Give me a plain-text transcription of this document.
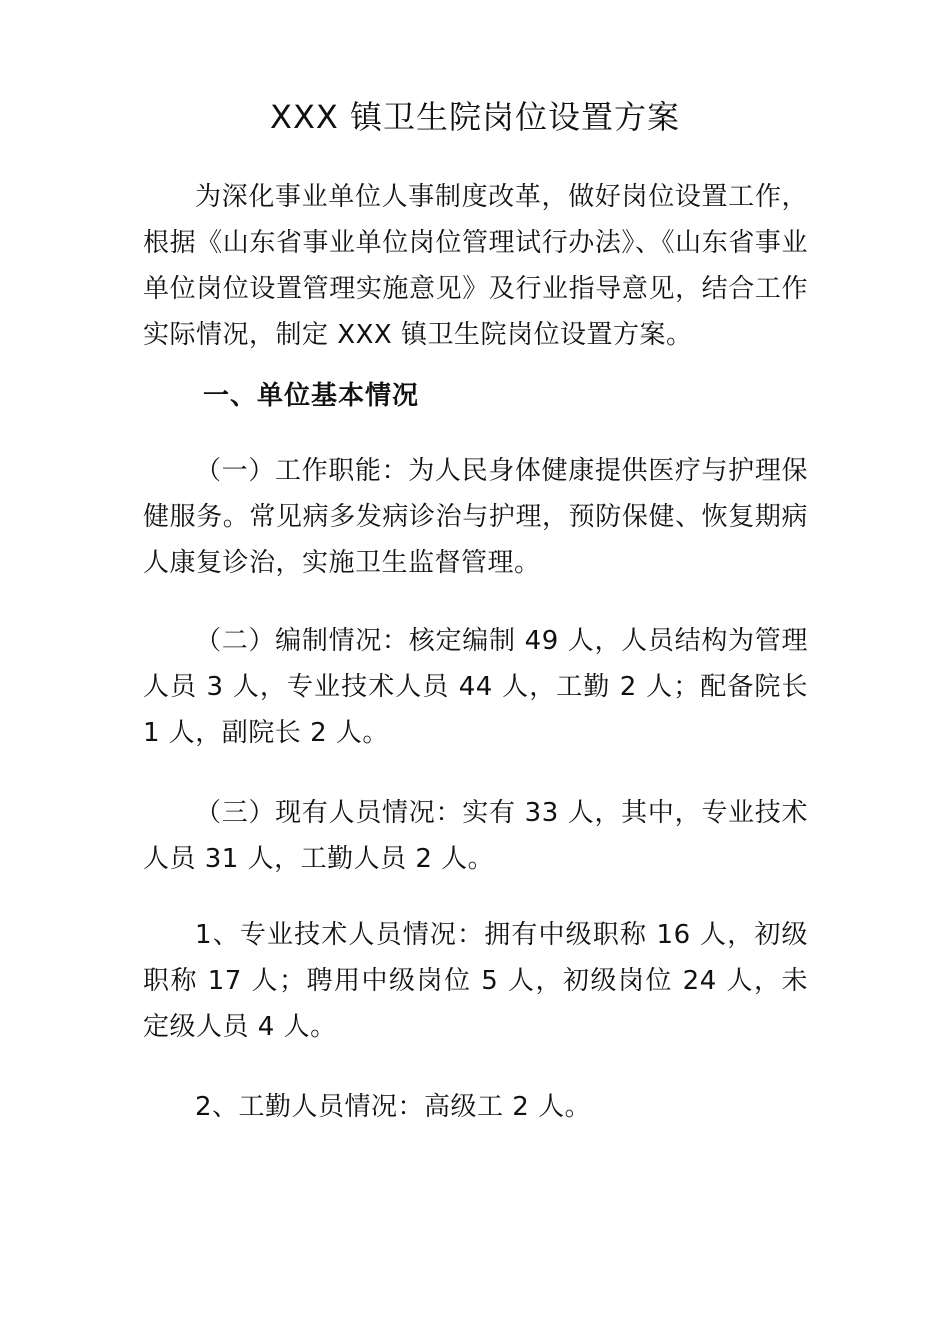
XXX 镇卫生院岗位设置方案

为深化事业单位人事制度改革，做好岗位设置工作，根据《山东省事业单位岗位管理试行办法》、《山东省事业单位岗位设置管理实施意见》及行业指导意见，结合工作实际情况，制定 XXX 镇卫生院岗位设置方案。

一、单位基本情况

（一）工作职能：为人民身体健康提供医疗与护理保健服务。常见病多发病诊治与护理，预防保健、恢复期病人康复诊治，实施卫生监督管理。

（二）编制情况：核定编制 49 人，人员结构为管理人员 3 人，专业技术人员 44 人，工勤 2 人；配备院长 1 人，副院长 2 人。

（三）现有人员情况：实有 33 人，其中，专业技术人员 31 人，工勤人员 2 人。

1、专业技术人员情况：拥有中级职称 16 人，初级职称 17 人；聘用中级岗位 5 人，初级岗位 24 人，未定级人员 4 人。

2、工勤人员情况：高级工 2 人。
